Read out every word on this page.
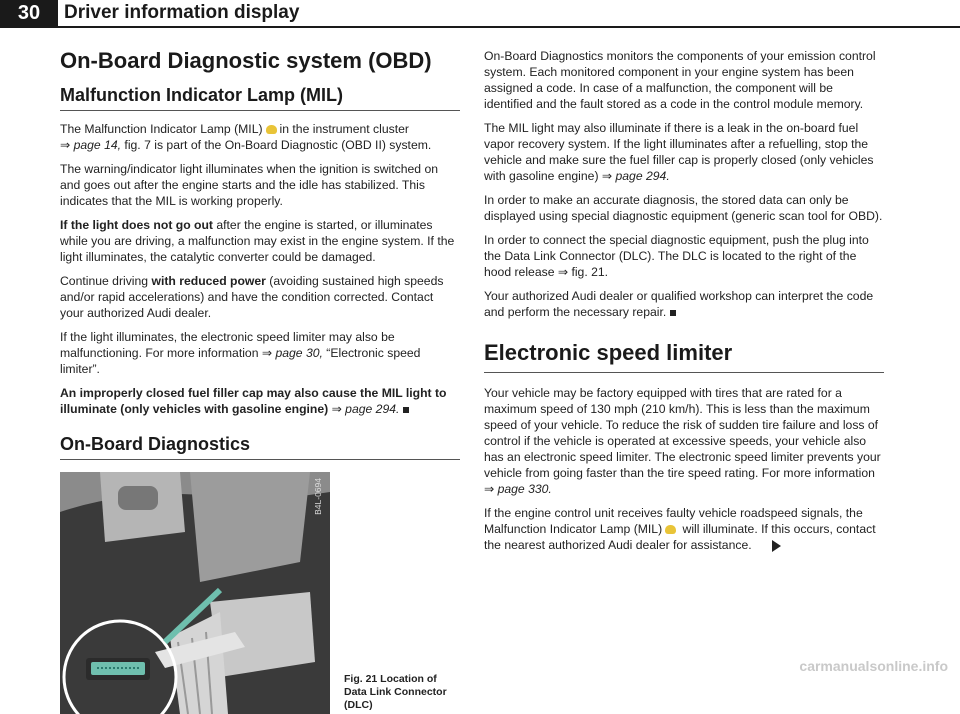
30	Driver information display
On-Board Diagnostic system (OBD)
Malfunction Indicator Lamp (MIL)

The Malfunction Indicator Lamp (MIL) in the instrument cluster
⇒ page 14, fig. 7 is part of the On-Board Diagnostic (OBD II) system.

The warning/indicator light illuminates when the ignition is switched on and goes out after the engine starts and the idle has stabilized. This indicates that the MIL is working properly.

If the light does not go out after the engine is started, or illuminates while you are driving, a malfunction may exist in the engine system. If the light illuminates, the catalytic converter could be damaged.

Continue driving with reduced power (avoiding sustained high speeds and/or rapid accelerations) and have the condition corrected. Contact your authorized Audi dealer.

If the light illuminates, the electronic speed limiter may also be malfunctioning. For more information ⇒ page 30, “Electronic speed limiter”.

An improperly closed fuel filler cap may also cause the MIL light to illuminate (only vehicles with gasoline engine) ⇒ page 294.

On-Board Diagnostics
B4L-0694
Fig. 21 Location of Data Link Connector (DLC)

On-Board Diagnostics monitors the components of your emission control system. Each monitored component in your engine system has been assigned a code. In case of a malfunction, the component will be identified and the fault stored as a code in the control module memory.

The MIL light may also illuminate if there is a leak in the on-board fuel vapor recovery system. If the light illuminates after a refuelling, stop the vehicle and make sure the fuel filler cap is properly closed (only vehicles with gasoline engine) ⇒ page 294.

In order to make an accurate diagnosis, the stored data can only be displayed using special diagnostic equipment (generic scan tool for OBD).

In order to connect the special diagnostic equipment, push the plug into the Data Link Connector (DLC). The DLC is located to the right of the hood release ⇒ fig. 21.

Your authorized Audi dealer or qualified workshop can interpret the code and perform the necessary repair.

Electronic speed limiter

Your vehicle may be factory equipped with tires that are rated for a maximum speed of 130 mph (210 km/h). This is less than the maximum speed of your vehicle. To reduce the risk of sudden tire failure and loss of control if the vehicle is operated at excessive speeds, your vehicle also has an electronic speed limiter. The electronic speed limiter prevents your vehicle from going faster than the tire speed rating. For more information ⇒ page 330.

If the engine control unit receives faulty vehicle roadspeed signals, the Malfunction Indicator Lamp (MIL) will illuminate. If this occurs, contact the nearest authorized Audi dealer for assistance.

carmanualsonline.info
